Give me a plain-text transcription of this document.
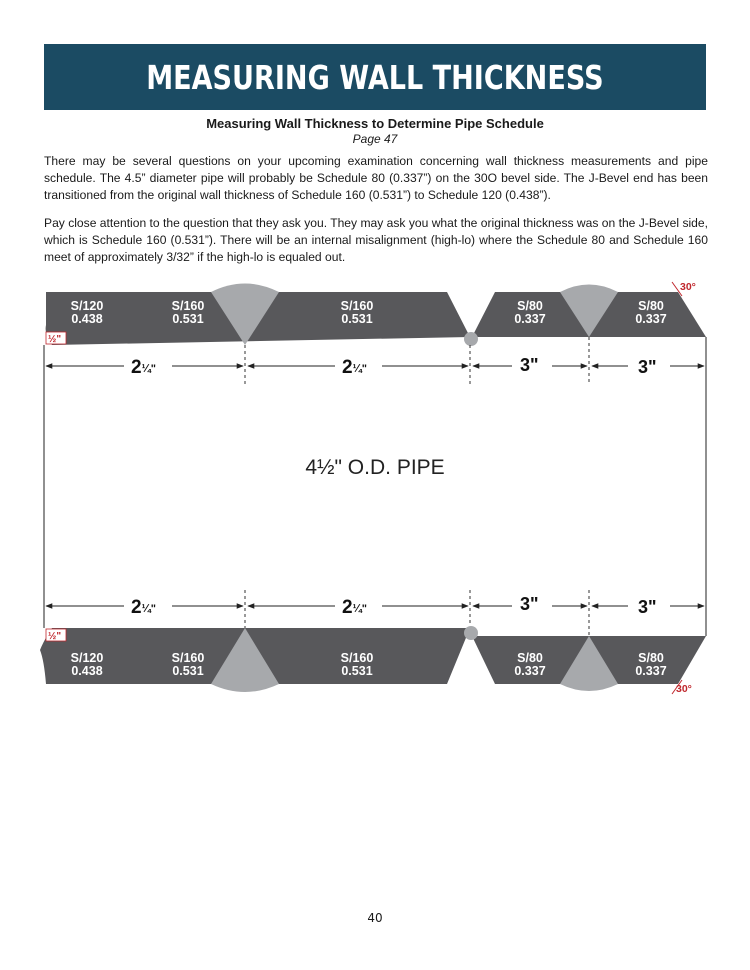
MEASURING WALL THICKNESS
Measuring Wall Thickness to Determine Pipe Schedule
Page 47

There may be several questions on your upcoming examination concerning wall thickness measurements and pipe schedule. The 4.5” diameter pipe will probably be Schedule 80 (0.337”) on the 30O bevel side. The J-Bevel end has been transitioned from the original wall thickness of Schedule 160 (0.531”) to Schedule 120 (0.438”).

Pay close attention to the question that they ask you. They may ask you what the original thickness was on the J-Bevel side, which is Schedule 160 (0.531”). There will be an internal misalignment (high-lo) where the Schedule 80 and Schedule 160 meet of approximately 3/32” if the high-lo is equaled out.

S/120
0.438
S/160
0.531
S/160
0.531
S/80
0.337
S/80
0.337
S/120
0.438
S/160
0.531
S/160
0.531
S/80
0.337
S/80
0.337
30°
30°
½"
½"
2¼"	2¼"	3"	3"
2¼"	2¼"	3"	3"
4½" O.D. PIPE
40
